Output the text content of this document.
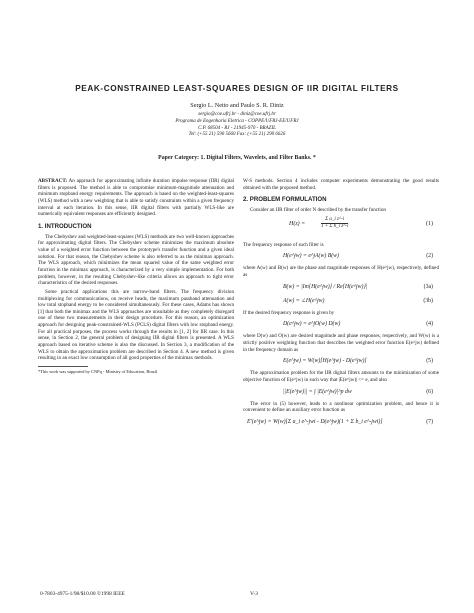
PEAK-CONSTRAINED LEAST-SQUARES DESIGN OF IIR DIGITAL FILTERS
Sergio L. Netto and Paulo S. R. Diniz
sergio@coe.ufrj.br - diniz@coe.ufrj.br
Programa de Engenharia Eletrica - COPPE/UFRJ-EE/UFRJ
C.P. 68504 - RJ - 21945-970 - BRAZIL
Tel: (+55 21) 590 5660 Fax: (+55 21) 290 6626
Paper Category: 1. Digital Filters, Wavelets, and Filter Banks. *
ABSTRACT: An approach for approximating infinite duration impulse response (IIR) digital filters is proposed. The method is able to compromise minimum-magnitude attenuation and minimum stopband energy requirements. The approach is based on the weighted-least-squares (WLS) method with a new weighting that is able to satisfy constraints within a given frequency interval at each iteration. In this sense, IIR digital filters with partially WLS-like are numerically equivalent responses are efficiently designed.
1. INTRODUCTION
The Chebyshev and weighted-least-squares (WLS) methods are two well-known approaches for approximating digital filters. The Chebyshev scheme minimizes the maximum absolute value of a weighted error function between the prototype's transfer function and a given ideal solution. For that reason, the Chebyshev scheme is also referred to as the minimax approach. The WLS approach, which minimizes the mean squared value of the same weighted error function in the minimax approach, is characterized by a very simple implementation. For both problem, however, in the resulting Chebyshev-like criteria allows an approach to tight error characteristics of the desired responses.
Some practical applications this are narrow-band filters. The frequency division multiplexing for communications, on receive heads, the maximum passband attenuation and low total stopband energy to be considered simultaneously. For these cases, Adams has shown [1] that both the minimax and the WLS approaches are unsuitable as they completely disregard one of these two measurements in their design procedure. For this reason, an optimization approach for designing peak-constrained-WLS (PCLS) digital filters with low stopband energy. For all practical purposes, the process works through the results in [1, 2] for IIR case. In this sense, in Section 2, the general problem of designing IIR digital filters is presented. A WLS approach based on iterative scheme is also the discussed. In Section 3, a modification of the WLS to obtain the approximation problem are described in Section 4. A new method is given resulting in an exact low consumption of all good properties of the minimax methods.
*This work was supported by CNPq - Ministry of Education, Brazil
W-S methods. Section 4 includes computer experiments demonstrating the good results obtained with the proposed method.
2. PROBLEM FORMULATION
Consider an IIR filter of order N described by the transfer function
H(z) =	$\frac{\text{Σ a\_i z\textasciicircum{}-i}}{\text{1 + Σ b\_i z\textasciicircum{}-i}}$	(1)
The frequency response of such filter is
H(e^jw) = e^jA(w) B(w)	(2)
where A(w) and B(w) are the phase and magnitude responses of H(e^jw), respectively, defined as
B(w) = |Im{H(e^jw)} / Re{H(e^jw)}|	(3a)
A(w) = ∠H(e^jw)	(3b)
If the desired frequency response is given by
D(e^jw) = e^jO(w) D(w)	(4)
where D(w) and O(w) are desired magnitude and phase responses, respectively, and W(w) is a strictly positive weighting function that describes the weighted error function E(e^jw) defined in the frequency domain as
E(e^jw) = W(w)[H(e^jw) - D(e^jw)]	(5)
The approximation problem for the IIR digital filters amounts to the minimization of some objective function of E(e^jw) in such way that |E(e^jw)| <= e, and also
||E(e^jw)|| = ∫ |E(e^jw)|^p dw	(6)
The error in (5) however, leads to a nonlinear optimization problem, and hence it is convenient to define an auxiliary error function as
E'(e^jw) = W(w)[Σ a_i e^-jwi - D(e^jw)(1 + Σ b_i e^-jwi)]	(7)
0-7803-4975-1/98/$10.00 ©1998 IEEE	V-3
